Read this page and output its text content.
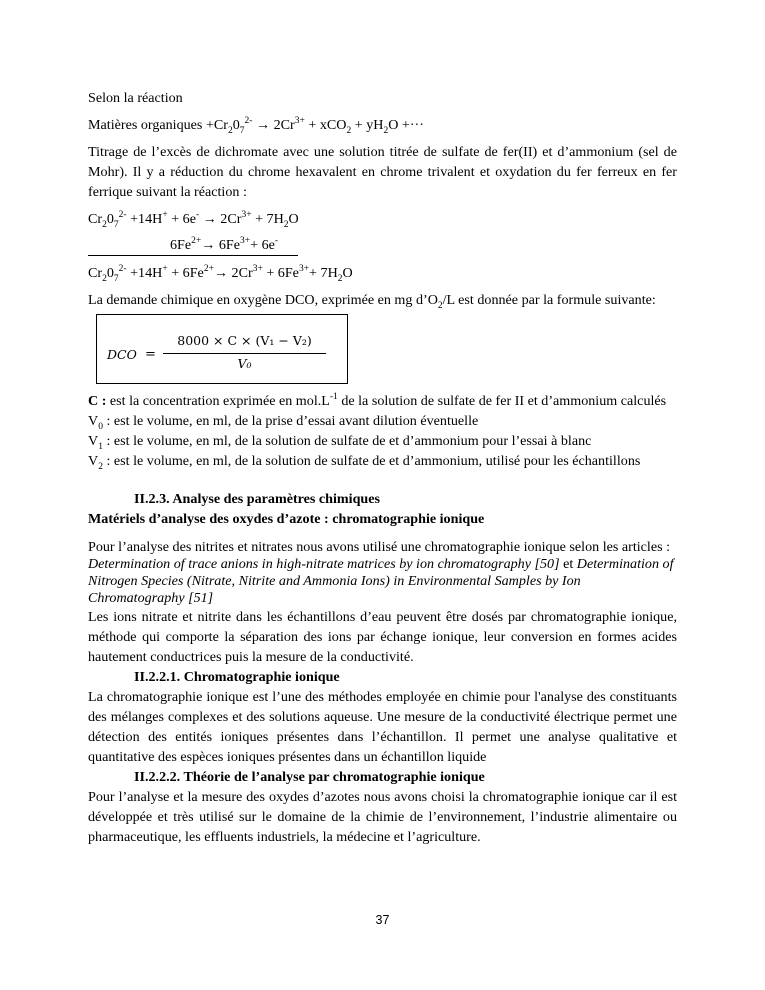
Selon la réaction

Matières organiques $+Cr_20_7^{2-} \to 2Cr^{3+} + xCO_2 + yH_2O$ +···

Titrage de l’excès de dichromate avec une solution titrée de sulfate de fer(II) et d’ammonium (sel de Mohr). Il y a réduction du chrome hexavalent en chrome trivalent et oxydation du fer ferreux en fer ferrique suivant la réaction :

$Cr_20_7^{2-} +14H^+ + 6e^- \to 2Cr^{3+} + 7H_2O$

$6Fe^{2+}\to 6Fe^{3+}+ 6e^-$

$Cr_20_7^{2-} +14H^+ + 6Fe^{2+}\to 2Cr^{3+} + 6Fe^{3+}+ 7H_2O$

La demande chimique en oxygène DCO, exprimée en mg $d’O_2/L$ est donnée par la formule suivante:

DCO = $\frac{\text{8000 × C × (V₁ − V₂)}}{\text{V₀}}$

C : est la concentration exprimée en $mol.L^{-1}$ de la solution de sulfate de fer II et d’ammonium calculés

$V_0$ : est le volume, en ml, de la prise d’essai avant dilution éventuelle

$V_1$ : est le volume, en ml, de la solution de sulfate de et d’ammonium pour l’essai à blanc

$V_2$ : est le volume, en ml, de la solution de sulfate de et d’ammonium, utilisé pour les échantillons

II.2.3. Analyse des paramètres chimiques

Matériels d’analyse des oxydes d’azote : chromatographie ionique

Pour l’analyse des nitrites et nitrates nous avons utilisé une chromatographie ionique selon les articles : Determination of trace anions in high-nitrate matrices by ion chromatography [50] et Determination of Nitrogen Species (Nitrate, Nitrite and Ammonia Ions) in Environmental Samples by Ion Chromatography [51]

Les ions nitrate et nitrite dans les échantillons d’eau peuvent être dosés par chromatographie ionique, méthode qui comporte la séparation des ions par échange ionique, leur conversion en formes acides hautement conductrices puis la mesure de la conductivité.

II.2.2.1. Chromatographie ionique

La chromatographie ionique est l’une des méthodes employée en chimie pour l'analyse des constituants des mélanges complexes et des solutions aqueuse. Une mesure de la conductivité électrique permet une détection des entités ioniques présentes dans l’échantillon. Il permet une analyse qualitative et quantitative des espèces ioniques présentes dans un échantillon liquide

II.2.2.2. Théorie de l’analyse par chromatographie ionique

Pour l’analyse et la mesure des oxydes d’azotes nous avons choisi la chromatographie ionique car il est développée et très utilisé sur le domaine de la chimie de l’environnement, l’industrie alimentaire ou pharmaceutique, les effluents industriels, la médecine et l’agriculture.

37
